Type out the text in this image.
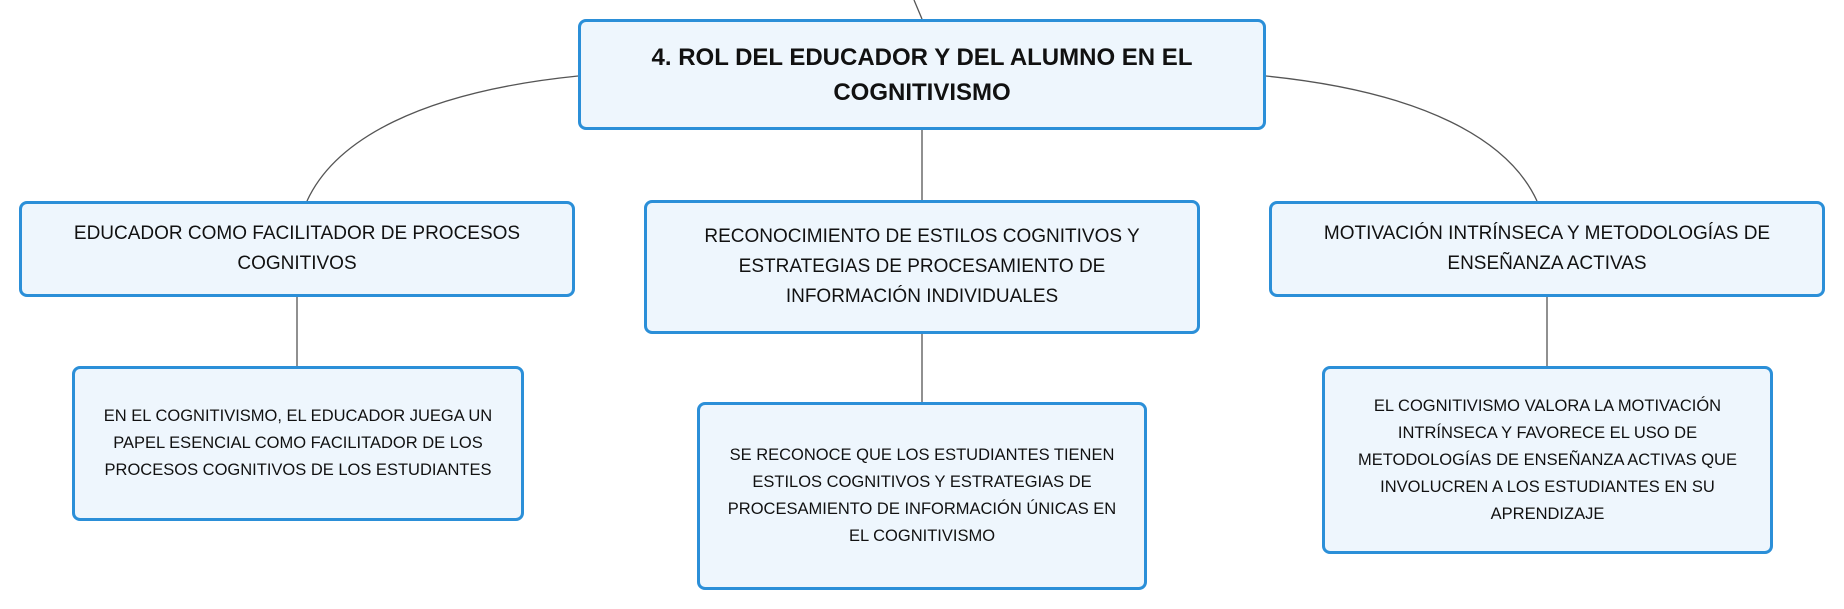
4. ROL DEL EDUCADOR Y DEL ALUMNO EN EL COGNITIVISMO
EDUCADOR COMO FACILITADOR DE PROCESOS COGNITIVOS
RECONOCIMIENTO DE ESTILOS COGNITIVOS Y ESTRATEGIAS DE PROCESAMIENTO DE INFORMACIÓN INDIVIDUALES
MOTIVACIÓN INTRÍNSECA Y METODOLOGÍAS DE ENSEÑANZA ACTIVAS
EN EL COGNITIVISMO, EL EDUCADOR JUEGA UN PAPEL ESENCIAL COMO FACILITADOR DE LOS PROCESOS COGNITIVOS DE LOS ESTUDIANTES
SE RECONOCE QUE LOS ESTUDIANTES TIENEN ESTILOS COGNITIVOS Y ESTRATEGIAS DE PROCESAMIENTO DE INFORMACIÓN ÚNICAS EN EL COGNITIVISMO
EL COGNITIVISMO VALORA LA MOTIVACIÓN INTRÍNSECA Y FAVORECE EL USO DE METODOLOGÍAS DE ENSEÑANZA ACTIVAS QUE INVOLUCREN A LOS ESTUDIANTES EN SU APRENDIZAJE
